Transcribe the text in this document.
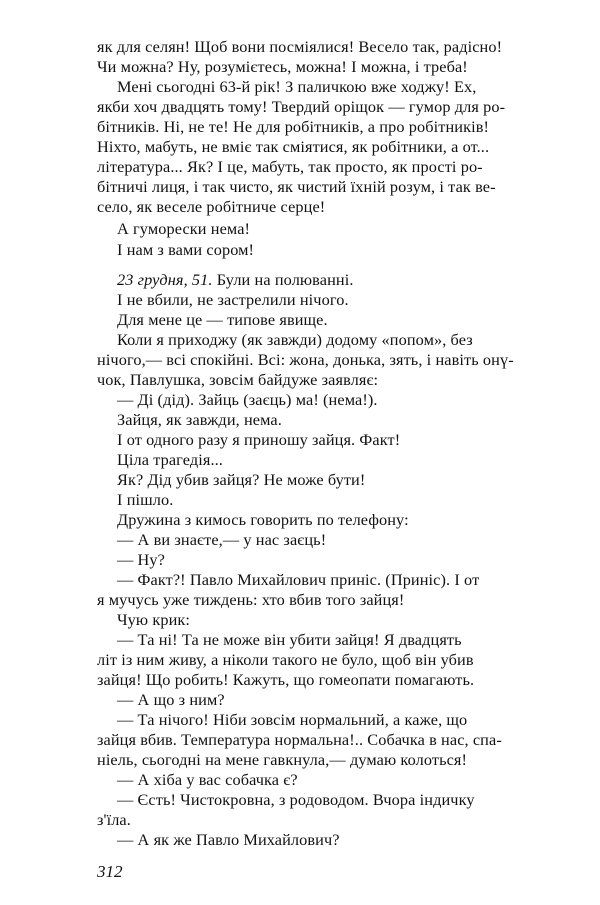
як для селян! Щоб вони посміялися! Весело так, радісно!
Чи можна? Ну, розумієтесь, можна! І можна, і треба!
Мені сьогодні 63-й рік! З паличкою вже ходжу! Ех,
якби хоч двадцять тому! Твердий оріщок — гумор для ро-
бітників. Ні, не те! Не для робітників, а про робітників!
Ніхто, мабуть, не вміє так сміятися, як робітники, а от...
література... Як? І це, мабуть, так просто, як прості ро-
бітничі лиця, і так чисто, як чистий їхній розум, і так ве-
село, як веселе робітниче серце!
А гуморески нема!
І нам з вами сором!
23 грудня, 51. Були на полюванні.
І не вбили, не застрелили нічого.
Для мене це — типове явище.
Коли я приходжу (як завжди) додому «попом», без
нічого,— всі спокійні. Всі: жона, донька, зять, і навіть онү-
чок, Павлушка, зовсім байдуже заявляє:
— Ді (дід). Зайць (заєць) ма! (нема!).
Зайця, як завжди, нема.
І от одного разу я приношу зайця. Факт!
Ціла трагедія...
Як? Дід убив зайця? Не може бути!
І пішло.
Дружина з кимось говорить по телефону:
— А ви знаєте,— у нас заєць!
— Ну?
— Факт?! Павло Михайлович приніс. (Приніс). І от
я мучусь уже тиждень: хто вбив того зайця!
Чую крик:
— Та ні! Та не може він убити зайця! Я двадцять
літ із ним живу, а ніколи такого не було, щоб він убив
зайця! Що робить! Кажуть, що гомеопати помагають.
— А що з ним?
— Та нічого! Ніби зовсім нормальний, а каже, що
зайця вбив. Температура нормальна!.. Собачка в нас, спа-
ніель, сьогодні на мене гавкнула,— думаю колоться!
— А хіба у вас собачка є?
— Єсть! Чистокровна, з родоводом. Вчора індичку
з'їла.
— А як же Павло Михайлович?
312
